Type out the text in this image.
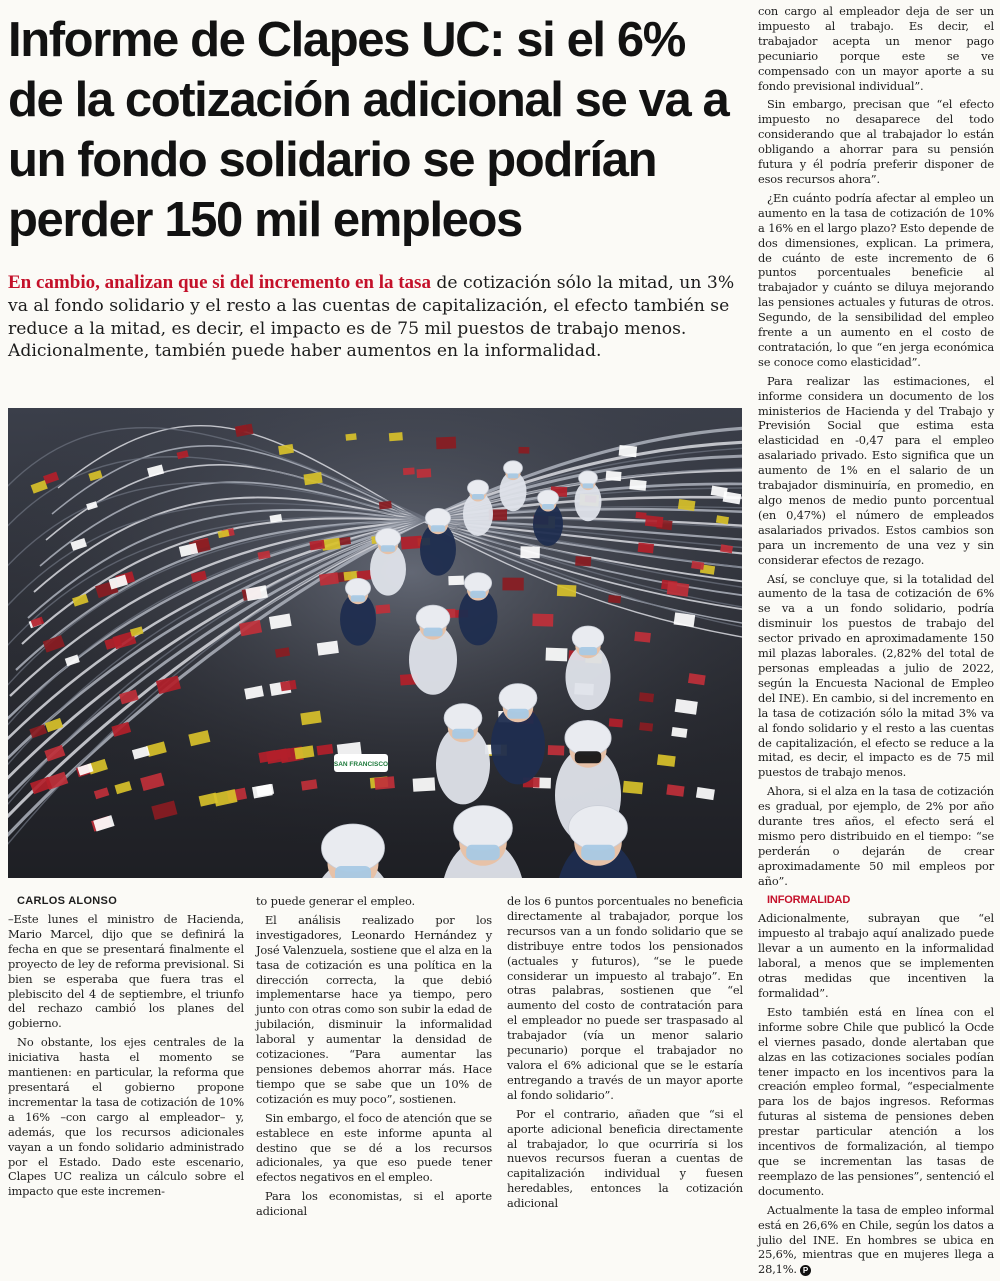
Informe de Clapes UC: si el 6% de la cotización adicional se va a un fondo solidario se podrían perder 150 mil empleos

En cambio, analizan que si del incremento en la tasa de cotización sólo la mitad, un 3% va al fondo solidario y el resto a las cuentas de capitalización, el efecto también se reduce a la mitad, es decir, el impacto es de 75 mil puestos de trabajo menos. Adicionalmente, también puede haber aumentos en la informalidad.

SAN FRANCISCO

CARLOS ALONSO

–Este lunes el ministro de Hacienda, Mario Marcel, dijo que se definirá la fecha en que se presentará finalmente el proyecto de ley de reforma previsional. Si bien se esperaba que fuera tras el plebiscito del 4 de septiembre, el triunfo del rechazo cambió los planes del gobierno.

No obstante, los ejes centrales de la iniciativa hasta el momento se mantienen: en particular, la reforma que presentará el gobierno propone incrementar la tasa de cotización de 10% a 16% –con cargo al empleador– y, además, que los recursos adicionales vayan a un fondo solidario administrado por el Estado. Dado este escenario, Clapes UC realiza un cálculo sobre el impacto que este incremen-

to puede generar el empleo.

El análisis realizado por los investigadores, Leonardo Hernández y José Valenzuela, sostiene que el alza en la tasa de cotización es una política en la dirección correcta, la que debió implementarse hace ya tiempo, pero junto con otras como son subir la edad de jubilación, disminuir la informalidad laboral y aumentar la densidad de cotizaciones. “Para aumentar las pensiones debemos ahorrar más. Hace tiempo que se sabe que un 10% de cotización es muy poco”, sostienen.

Sin embargo, el foco de atención que se establece en este informe apunta al destino que se dé a los recursos adicionales, ya que eso puede tener efectos negativos en el empleo.

Para los economistas, si el aporte adicional

de los 6 puntos porcentuales no beneficia directamente al trabajador, porque los recursos van a un fondo solidario que se distribuye entre todos los pensionados (actuales y futuros), “se le puede considerar un impuesto al trabajo”. En otras palabras, sostienen que “el aumento del costo de contratación para el empleador no puede ser traspasado al trabajador (vía un menor salario pecunario) porque el trabajador no valora el 6% adicional que se le estaría entregando a través de un mayor aporte al fondo solidario”.

Por el contrario, añaden que “si el aporte adicional beneficia directamente al trabajador, lo que ocurriría si los nuevos recursos fueran a cuentas de capitalización individual y fuesen heredables, entonces la cotización adicional

con cargo al empleador deja de ser un impuesto al trabajo. Es decir, el trabajador acepta un menor pago pecuniario porque este se ve compensado con un mayor aporte a su fondo previsional individual”.

Sin embargo, precisan que “el efecto impuesto no desaparece del todo considerando que al trabajador lo están obligando a ahorrar para su pensión futura y él podría preferir disponer de esos recursos ahora”.

¿En cuánto podría afectar al empleo un aumento en la tasa de cotización de 10% a 16% en el largo plazo? Esto depende de dos dimensiones, explican. La primera, de cuánto de este incremento de 6 puntos porcentuales beneficie al trabajador y cuánto se diluya mejorando las pensiones actuales y futuras de otros. Segundo, de la sensibilidad del empleo frente a un aumento en el costo de contratación, lo que “en jerga económica se conoce como elasticidad”.

Para realizar las estimaciones, el informe considera un documento de los ministerios de Hacienda y del Trabajo y Previsión Social que estima esta elasticidad en -0,47 para el empleo asalariado privado. Esto significa que un aumento de 1% en el salario de un trabajador disminuiría, en promedio, en algo menos de medio punto porcentual (en 0,47%) el número de empleados asalariados privados. Estos cambios son para un incremento de una vez y sin considerar efectos de rezago.

Así, se concluye que, si la totalidad del aumento de la tasa de cotización de 6% se va a un fondo solidario, podría disminuir los puestos de trabajo del sector privado en aproximadamente 150 mil plazas laborales. (2,82% del total de personas empleadas a julio de 2022, según la Encuesta Nacional de Empleo del INE). En cambio, si del incremento en la tasa de cotización sólo la mitad 3% va al fondo solidario y el resto a las cuentas de capitalización, el efecto se reduce a la mitad, es decir, el impacto es de 75 mil puestos de trabajo menos.

Ahora, si el alza en la tasa de cotización es gradual, por ejemplo, de 2% por año durante tres años, el efecto será el mismo pero distribuido en el tiempo: “se perderán o dejarán de crear aproximadamente 50 mil empleos por año”.

INFORMALIDAD

Adicionalmente, subrayan que “el impuesto al trabajo aquí analizado puede llevar a un aumento en la informalidad laboral, a menos que se implementen otras medidas que incentiven la formalidad”.

Esto también está en línea con el informe sobre Chile que publicó la Ocde el viernes pasado, donde alertaban que alzas en las cotizaciones sociales podían tener impacto en los incentivos para la creación empleo formal, “especialmente para los de bajos ingresos. Reformas futuras al sistema de pensiones deben prestar particular atención a los incentivos de formalización, al tiempo que se incrementan las tasas de reemplazo de las pensiones”, sentenció el documento.

Actualmente la tasa de empleo informal está en 26,6% en Chile, según los datos a julio del INE. En hombres se ubica en 25,6%, mientras que en mujeres llega a 28,1%. P
